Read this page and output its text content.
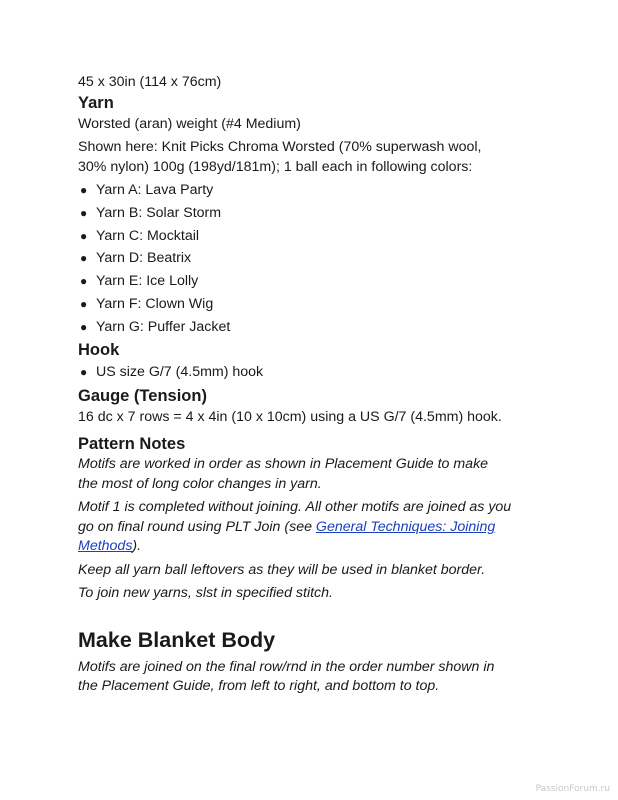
45 x 30in (114 x 76cm)

Yarn

Worsted (aran) weight (#4 Medium)

Shown here: Knit Picks Chroma Worsted (70% superwash wool,
30% nylon) 100g (198yd/181m); 1 ball each in following colors:

● Yarn A: Lava Party
● Yarn B: Solar Storm
● Yarn C: Mocktail
● Yarn D: Beatrix
● Yarn E: Ice Lolly
● Yarn F: Clown Wig
● Yarn G: Puffer Jacket

Hook

● US size G/7 (4.5mm) hook

Gauge (Tension)

16 dc x 7 rows = 4 x 4in (10 x 10cm) using a US G/7 (4.5mm) hook.

Pattern Notes

Motifs are worked in order as shown in Placement Guide to make
the most of long color changes in yarn.

Motif 1 is completed without joining. All other motifs are joined as you
go on final round using PLT Join (see General Techniques: Joining
Methods).

Keep all yarn ball leftovers as they will be used in blanket border.

To join new yarns, slst in specified stitch.

Make Blanket Body

Motifs are joined on the final row/rnd in the order number shown in
the Placement Guide, from left to right, and bottom to top.

PassionForum.ru
